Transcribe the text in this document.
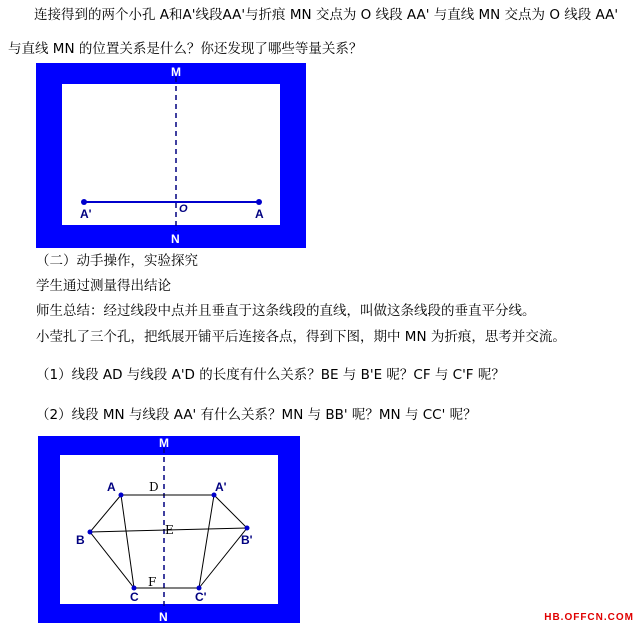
连接得到的两个小孔 A和A'线段AA'与折痕 MN 交点为 O 线段 AA' 与直线 MN 交点为 O 线段 AA'
与直线 MN 的位置关系是什么？你还发现了哪些等量关系？
M
N
O
A'	A
（二）动手操作，实验探究
学生通过测量得出结论
师生总结：经过线段中点并且垂直于这条线段的直线，叫做这条线段的垂直平分线。
小莹扎了三个孔，把纸展开铺平后连接各点，得到下图，期中 MN 为折痕，思考并交流。
（1）线段 AD 与线段 A'D 的长度有什么关系？BE 与 B'E 呢？CF 与 C'F 呢？
（2）线段 MN 与线段 AA' 有什么关系？MN 与 BB' 呢？MN 与 CC' 呢？
M
N
A	A'
B	B'
C	C'
D
E
F
HB.OFFCN.COM
